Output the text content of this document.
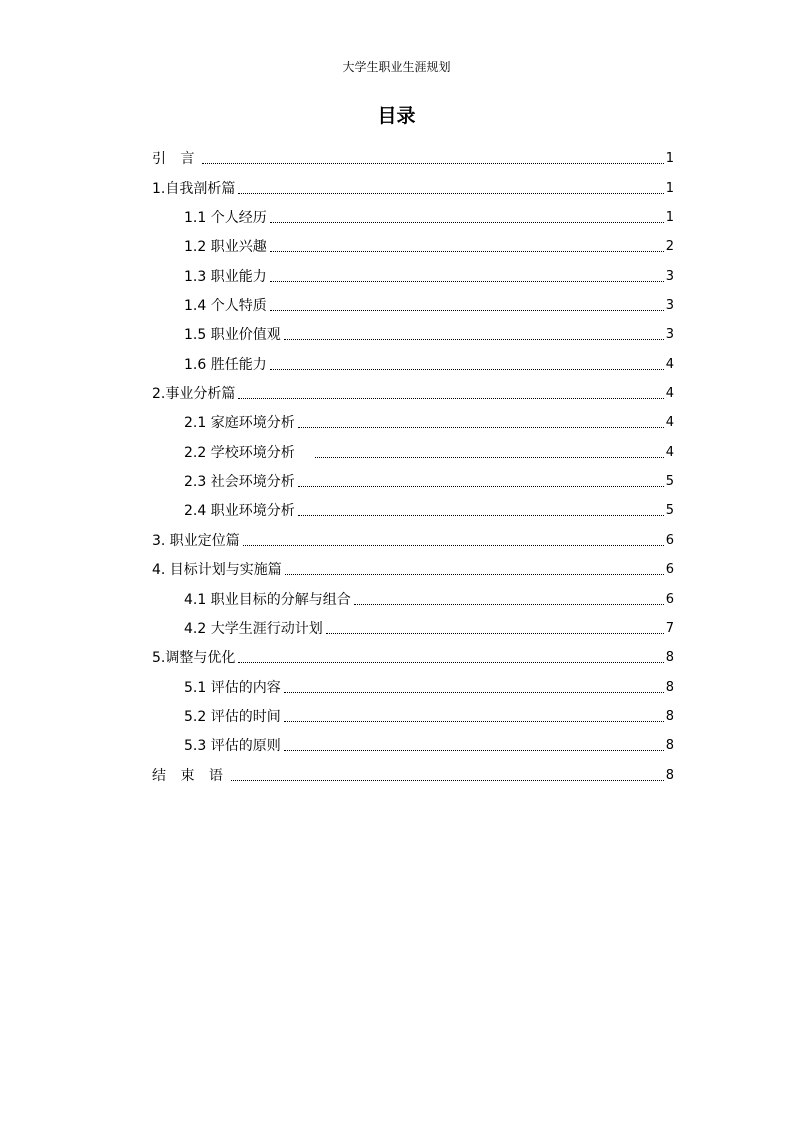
大学生职业生涯规划
目录
引 言	1
1.自我剖析篇	1
1.1 个人经历	1
1.2 职业兴趣	2
1.3 职业能力	3
1.4 个人特质	3
1.5 职业价值观	3
1.6 胜任能力	4
2.事业分析篇	4
2.1 家庭环境分析	4
2.2 学校环境分析	4
2.3 社会环境分析	5
2.4 职业环境分析	5
3. 职业定位篇	6
4. 目标计划与实施篇	6
4.1 职业目标的分解与组合	6
4.2 大学生涯行动计划	7
5.调整与优化	8
5.1 评估的内容	8
5.2 评估的时间	8
5.3 评估的原则	8
结 束 语	8
